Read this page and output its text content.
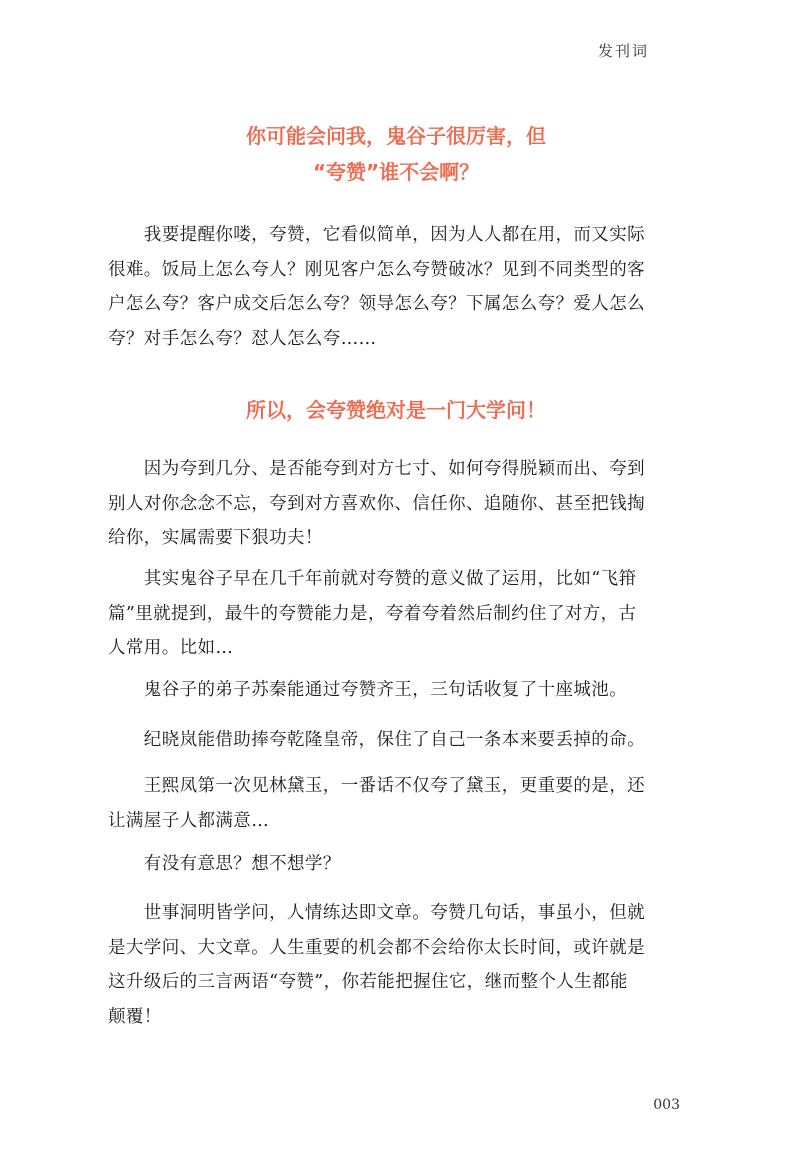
发刊词
你可能会问我，鬼谷子很厉害，但
“夸赞”谁不会啊？

　　我要提醒你喽，夸赞，它看似简单，因为人人都在用，而又实际
很难。饭局上怎么夸人？刚见客户怎么夸赞破冰？见到不同类型的客
户怎么夸？客户成交后怎么夸？领导怎么夸？下属怎么夸？爱人怎么
夸？对手怎么夸？怼人怎么夸……

所以，会夸赞绝对是一门大学问！

　　因为夸到几分、是否能夸到对方七寸、如何夸得脱颖而出、夸到
别人对你念念不忘，夸到对方喜欢你、信任你、追随你、甚至把钱掏
给你，实属需要下狠功夫！

　　其实鬼谷子早在几千年前就对夸赞的意义做了运用，比如“飞箝
篇”里就提到，最牛的夸赞能力是，夸着夸着然后制约住了对方，古
人常用。比如…

　　鬼谷子的弟子苏秦能通过夸赞齐王，三句话收复了十座城池。

　　纪晓岚能借助捧夸乾隆皇帝，保住了自己一条本来要丢掉的命。

　　王熙凤第一次见林黛玉，一番话不仅夸了黛玉，更重要的是，还
让满屋子人都满意…

　　有没有意思？想不想学？

　　世事洞明皆学问，人情练达即文章。夸赞几句话，事虽小，但就
是大学问、大文章。人生重要的机会都不会给你太长时间，或许就是
这升级后的三言两语“夸赞”，你若能把握住它，继而整个人生都能
颠覆！

003
